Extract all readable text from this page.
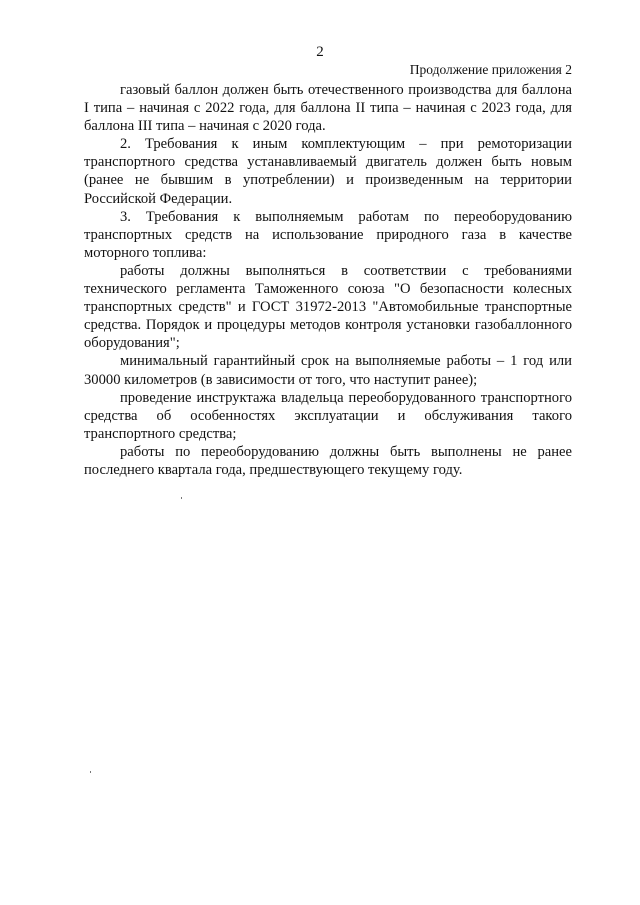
2
Продолжение приложения 2

газовый баллон должен быть отечественного производства для баллона I типа – начиная с 2022 года, для баллона II типа – начиная с 2023 года, для баллона III типа – начиная с 2020 года.

2. Требования к иным комплектующим – при ремоторизации транспортного средства устанавливаемый двигатель должен быть новым (ранее не бывшим в употреблении) и произведенным на территории Российской Федерации.

3. Требования к выполняемым работам по переоборудованию транспортных средств на использование природного газа в качестве моторного топлива:

работы должны выполняться в соответствии с требованиями технического регламента Таможенного союза "О безопасности колесных транспортных средств" и ГОСТ 31972-2013 "Автомобильные транспортные средства. Порядок и процедуры методов контроля установки газобаллонного оборудования";

минимальный гарантийный срок на выполняемые работы – 1 год или 30000 километров (в зависимости от того, что наступит ранее);

проведение инструктажа владельца переоборудованного транспортного средства об особенностях эксплуатации и обслуживания такого транспортного средства;

работы по переоборудованию должны быть выполнены не ранее последнего квартала года, предшествующего текущему году.
